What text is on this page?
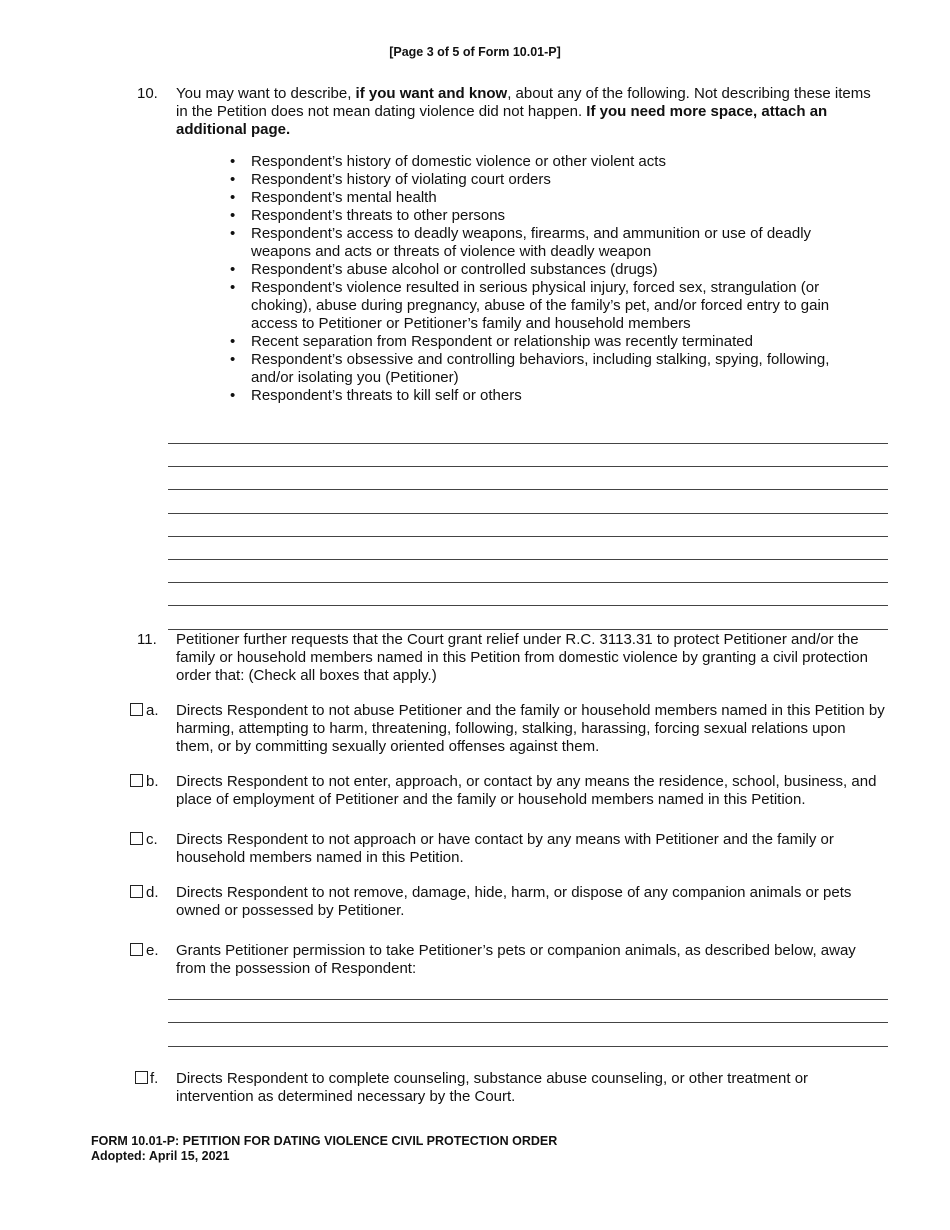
[Page 3 of 5 of Form 10.01-P]
10. You may want to describe, if you want and know, about any of the following. Not describing these items in the Petition does not mean dating violence did not happen. If you need more space, attach an additional page.
• Respondent’s history of domestic violence or other violent acts
• Respondent’s history of violating court orders
• Respondent’s mental health
• Respondent’s threats to other persons
• Respondent’s access to deadly weapons, firearms, and ammunition or use of deadly weapons and acts or threats of violence with deadly weapon
• Respondent’s abuse alcohol or controlled substances (drugs)
• Respondent’s violence resulted in serious physical injury, forced sex, strangulation (or choking), abuse during pregnancy, abuse of the family’s pet, and/or forced entry to gain access to Petitioner or Petitioner’s family and household members
• Recent separation from Respondent or relationship was recently terminated
• Respondent’s obsessive and controlling behaviors, including stalking, spying, following, and/or isolating you (Petitioner)
• Respondent’s threats to kill self or others
11. Petitioner further requests that the Court grant relief under R.C. 3113.31 to protect Petitioner and/or the family or household members named in this Petition from domestic violence by granting a civil protection order that: (Check all boxes that apply.)
a. Directs Respondent to not abuse Petitioner and the family or household members named in this Petition by harming, attempting to harm, threatening, following, stalking, harassing, forcing sexual relations upon them, or by committing sexually oriented offenses against them.
b. Directs Respondent to not enter, approach, or contact by any means the residence, school, business, and place of employment of Petitioner and the family or household members named in this Petition.
c. Directs Respondent to not approach or have contact by any means with Petitioner and the family or household members named in this Petition.
d. Directs Respondent to not remove, damage, hide, harm, or dispose of any companion animals or pets owned or possessed by Petitioner.
e. Grants Petitioner permission to take Petitioner’s pets or companion animals, as described below, away from the possession of Respondent:
f. Directs Respondent to complete counseling, substance abuse counseling, or other treatment or intervention as determined necessary by the Court.
FORM 10.01-P: PETITION FOR DATING VIOLENCE CIVIL PROTECTION ORDER
Adopted: April 15, 2021
